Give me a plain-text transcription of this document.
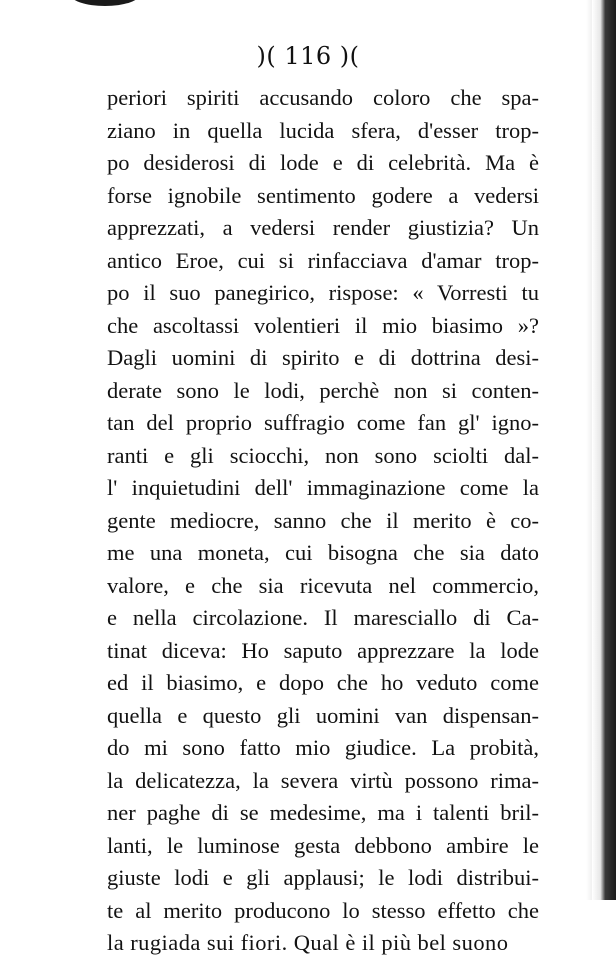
)( 116 )(
periori spiriti accusando coloro che spa-
ziano in quella lucida sfera, d'esser trop-
po desiderosi di lode e di celebrità. Ma è
forse ignobile sentimento godere a vedersi
apprezzati, a vedersi render giustizia? Un
antico Eroe, cui si rinfacciava d'amar trop-
po il suo panegirico, rispose: « Vorresti tu
che ascoltassi volentieri il mio biasimo »?
Dagli uomini di spirito e di dottrina desi-
derate sono le lodi, perchè non si conten-
tan del proprio suffragio come fan gl' igno-
ranti e gli sciocchi, non sono sciolti dal-
l' inquietudini dell' immaginazione come la
gente mediocre, sanno che il merito è co-
me una moneta, cui bisogna che sia dato
valore, e che sia ricevuta nel commercio,
e nella circolazione. Il maresciallo di Ca-
tinat diceva: Ho saputo apprezzare la lode
ed il biasimo, e dopo che ho veduto come
quella e questo gli uomini van dispensan-
do mi sono fatto mio giudice. La probità,
la delicatezza, la severa virtù possono rima-
ner paghe di se medesime, ma i talenti bril-
lanti, le luminose gesta debbono ambire le
giuste lodi e gli applausi; le lodi distribui-
te al merito producono lo stesso effetto che
la rugiada sui fiori. Qual è il più bel suono
